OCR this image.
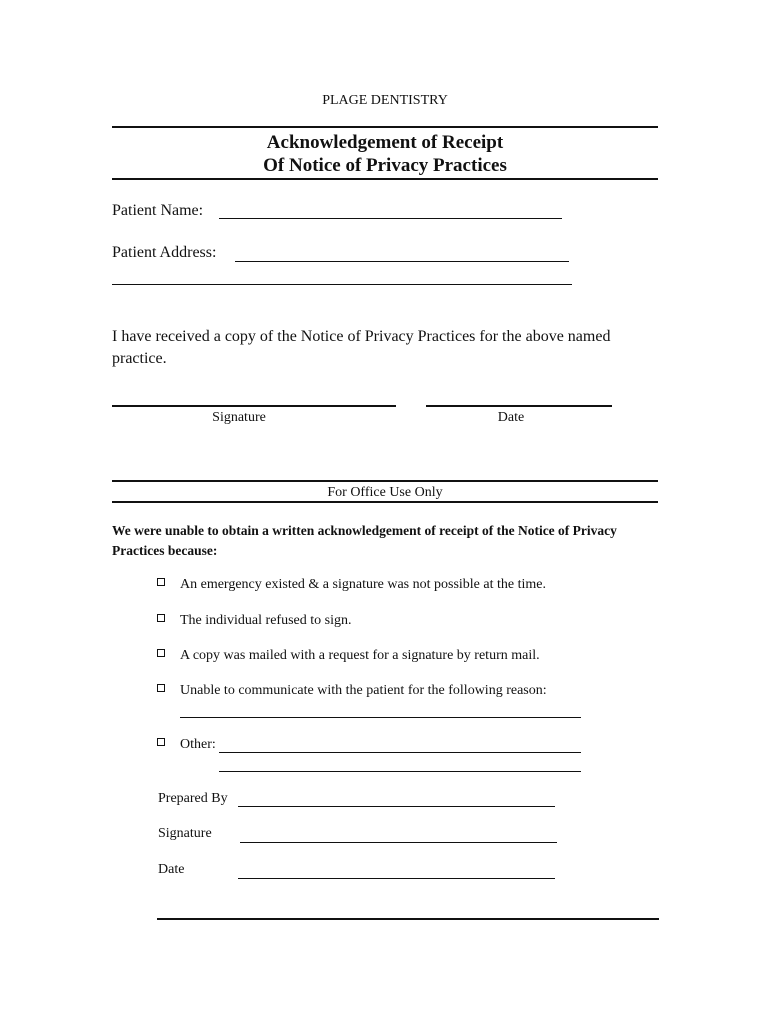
PLAGE DENTISTRY
Acknowledgement of Receipt
Of Notice of Privacy Practices
Patient Name:
Patient Address:
I have received a copy of the Notice of Privacy Practices for the above named practice.
Signature	Date
For Office Use Only
We were unable to obtain a written acknowledgement of receipt of the Notice of Privacy Practices because:
An emergency existed & a signature was not possible at the time.
The individual refused to sign.
A copy was mailed with a request for a signature by return mail.
Unable to communicate with the patient for the following reason:
Other:
Prepared By
Signature
Date
